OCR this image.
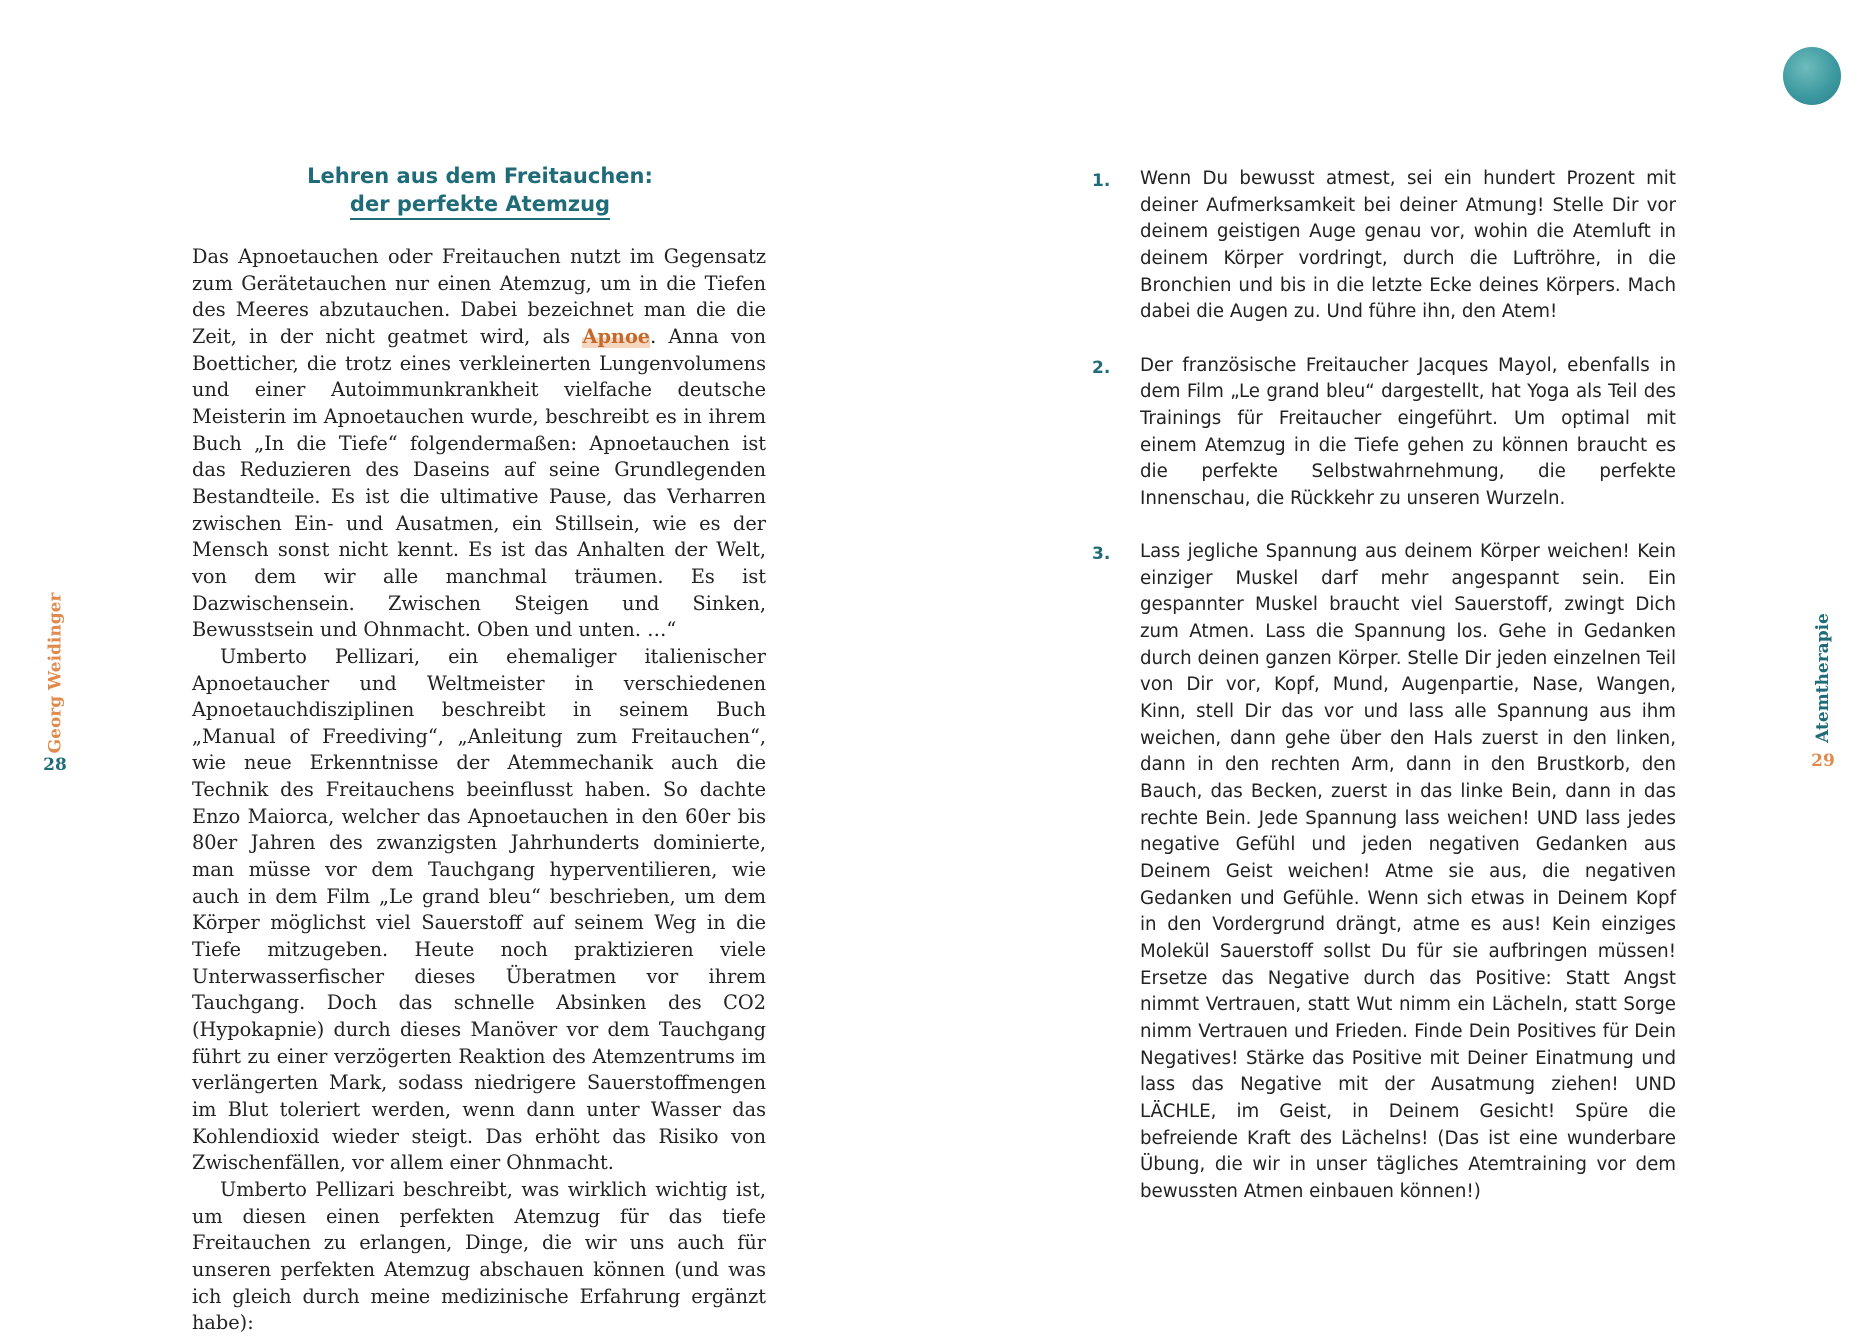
Lehren aus dem Freitauchen:
der perfekte Atemzug

Das Apnoetauchen oder Freitauchen nutzt im Gegensatz zum Gerätetauchen nur einen Atemzug, um in die Tiefen des Meeres abzutauchen. Dabei bezeichnet man die die Zeit, in der nicht geatmet wird, als Apnoe. Anna von Boetticher, die trotz eines verkleinerten Lungenvolumens und einer Autoimmunkrankheit vielfache deutsche Meisterin im Apnoetauchen wurde, beschreibt es in ihrem Buch „In die Tiefe“ folgendermaßen: Apnoetauchen ist das Reduzieren des Daseins auf seine Grundlegenden Bestandteile. Es ist die ultimative Pause, das Verharren zwischen Ein- und Ausatmen, ein Stillsein, wie es der Mensch sonst nicht kennt. Es ist das Anhalten der Welt, von dem wir alle manchmal träumen. Es ist Dazwischensein. Zwischen Steigen und Sinken, Bewusstsein und Ohnmacht. Oben und unten. …“

Umberto Pellizari, ein ehemaliger italienischer Apnoetaucher und Weltmeister in verschiedenen Apnoetauchdisziplinen beschreibt in seinem Buch „Manual of Freediving“, „Anleitung zum Freitauchen“, wie neue Erkenntnisse der Atemmechanik auch die Technik des Freitauchens beeinflusst haben. So dachte Enzo Maiorca, welcher das Apnoetauchen in den 60er bis 80er Jahren des zwanzigsten Jahrhunderts dominierte, man müsse vor dem Tauchgang hyperventilieren, wie auch in dem Film „Le grand bleu“ beschrieben, um dem Körper möglichst viel Sauerstoff auf seinem Weg in die Tiefe mitzugeben. Heute noch praktizieren viele Unterwasserfischer dieses Überatmen vor ihrem Tauchgang. Doch das schnelle Absinken des CO2 (Hypokapnie) durch dieses Manöver vor dem Tauchgang führt zu einer verzögerten Reaktion des Atemzentrums im verlängerten Mark, sodass niedrigere Sauerstoffmengen im Blut toleriert werden, wenn dann unter Wasser das Kohlendioxid wieder steigt. Das erhöht das Risiko von Zwischenfällen, vor allem einer Ohnmacht.

Umberto Pellizari beschreibt, was wirklich wichtig ist, um diesen einen perfekten Atemzug für das tiefe Freitauchen zu erlangen, Dinge, die wir uns auch für unseren perfekten Atemzug abschauen können (und was ich gleich durch meine medizinische Erfahrung ergänzt habe):

Georg Weidinger
28
1. Wenn Du bewusst atmest, sei ein hundert Prozent mit deiner Aufmerksamkeit bei deiner Atmung! Stelle Dir vor deinem geistigen Auge genau vor, wohin die Atemluft in deinem Körper vordringt, durch die Luftröhre, in die Bronchien und bis in die letzte Ecke deines Körpers. Mach dabei die Augen zu. Und führe ihn, den Atem!
2. Der französische Freitaucher Jacques Mayol, ebenfalls in dem Film „Le grand bleu“ dargestellt, hat Yoga als Teil des Trainings für Freitaucher eingeführt. Um optimal mit einem Atemzug in die Tiefe gehen zu können braucht es die perfekte Selbstwahrnehmung, die perfekte Innenschau, die Rückkehr zu unseren Wurzeln.
3. Lass jegliche Spannung aus deinem Körper weichen! Kein einziger Muskel darf mehr angespannt sein. Ein gespannter Muskel braucht viel Sauerstoff, zwingt Dich zum Atmen. Lass die Spannung los. Gehe in Gedanken durch deinen ganzen Körper. Stelle Dir jeden einzelnen Teil von Dir vor, Kopf, Mund, Augenpartie, Nase, Wangen, Kinn, stell Dir das vor und lass alle Spannung aus ihm weichen, dann gehe über den Hals zuerst in den linken, dann in den rechten Arm, dann in den Brustkorb, den Bauch, das Becken, zuerst in das linke Bein, dann in das rechte Bein. Jede Spannung lass weichen! UND lass jedes negative Gefühl und jeden negativen Gedanken aus Deinem Geist weichen! Atme sie aus, die negativen Gedanken und Gefühle. Wenn sich etwas in Deinem Kopf in den Vordergrund drängt, atme es aus! Kein einziges Molekül Sauerstoff sollst Du für sie aufbringen müssen! Ersetze das Negative durch das Positive: Statt Angst nimmt Vertrauen, statt Wut nimm ein Lächeln, statt Sorge nimm Vertrauen und Frieden. Finde Dein Positives für Dein Negatives! Stärke das Positive mit Deiner Einatmung und lass das Negative mit der Ausatmung ziehen! UND LÄCHLE, im Geist, in Deinem Gesicht! Spüre die befreiende Kraft des Lächelns! (Das ist eine wunderbare Übung, die wir in unser tägliches Atemtraining vor dem bewussten Atmen einbauen können!)
Atemtherapie
29
